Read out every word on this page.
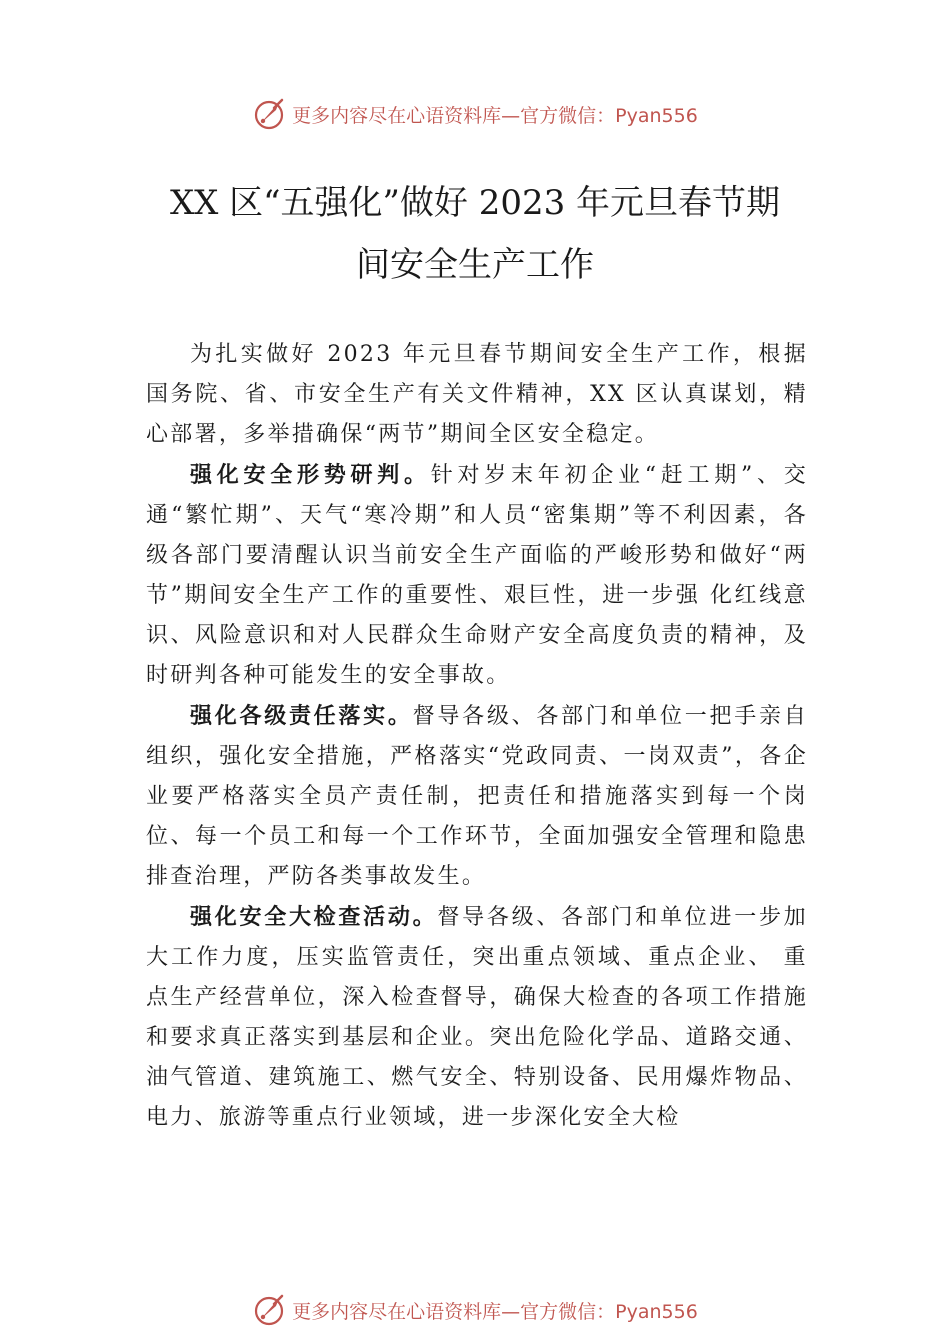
更多内容尽在心语资料库—官方微信：Pyan556
XX 区“五强化”做好 2023 年元旦春节期
间安全生产工作

为扎实做好 2023 年元旦春节期间安全生产工作，根据国务院、省、市安全生产有关文件精神，XX 区认真谋划，精心部署，多举措确保“两节”期间全区安全稳定。

强化安全形势研判。针对岁末年初企业“赶工期”、交通“繁忙期”、天气“寒冷期”和人员“密集期”等不利因素，各级各部门要清醒认识当前安全生产面临的严峻形势和做好“两节”期间安全生产工作的重要性、艰巨性，进一步强 化红线意识、风险意识和对人民群众生命财产安全高度负责的精神，及时研判各种可能发生的安全事故。

强化各级责任落实。督导各级、各部门和单位一把手亲自组织，强化安全措施，严格落实“党政同责、一岗双责”，各企业要严格落实全员产责任制，把责任和措施落实到每一个岗位、每一个员工和每一个工作环节，全面加强安全管理和隐患排查治理，严防各类事故发生。

强化安全大检查活动。督导各级、各部门和单位进一步加大工作力度，压实监管责任，突出重点领域、重点企业、 重点生产经营单位，深入检查督导，确保大检查的各项工作措施和要求真正落实到基层和企业。突出危险化学品、道路交通、油气管道、建筑施工、燃气安全、特别设备、民用爆炸物品、电力、旅游等重点行业领域，进一步深化安全大检

更多内容尽在心语资料库—官方微信：Pyan556
